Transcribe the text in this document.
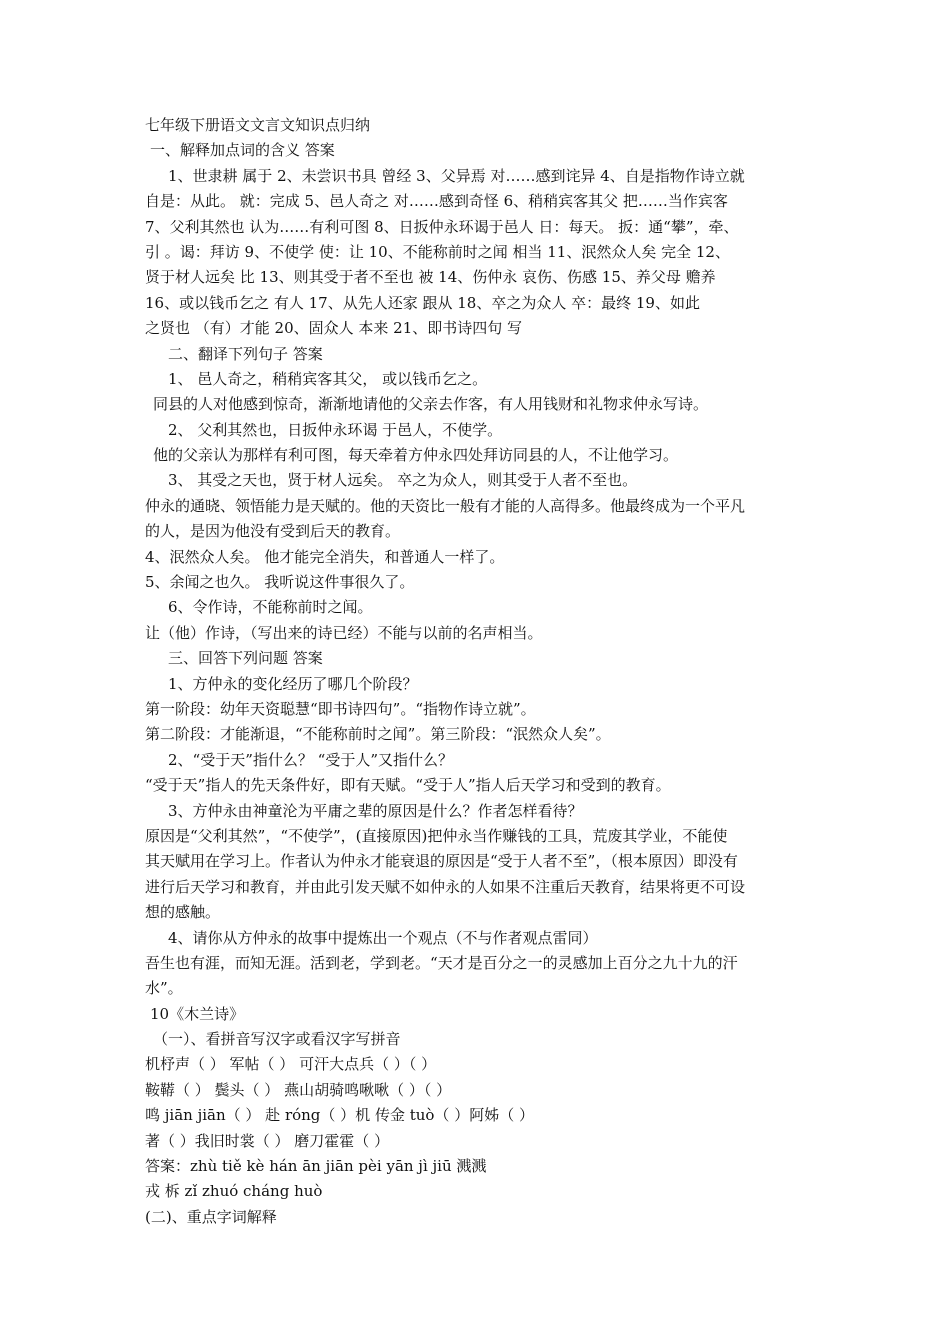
七年级下册语文文言文知识点归纳
一、解释加点词的含义 答案
1、世隶耕 属于 2、未尝识书具 曾经 3、父异焉 对……感到诧异 4、自是指物作诗立就
自是：从此。 就：完成 5、邑人奇之 对……感到奇怪 6、稍稍宾客其父 把……当作宾客
7、父利其然也 认为……有利可图 8、日扳仲永环谒于邑人 日：每天。 扳：通“攀”，牵、
引 。谒：拜访 9、不使学 使：让 10、不能称前时之闻 相当 11、泯然众人矣 完全 12、
贤于材人远矣 比 13、则其受于者不至也 被 14、伤仲永 哀伤、伤感 15、养父母 赡养
16、或以钱币乞之 有人 17、从先人还家 跟从 18、卒之为众人 卒：最终 19、如此
之贤也 （有）才能 20、固众人 本来 21、即书诗四句 写
二、翻译下列句子 答案
1、 邑人奇之，稍稍宾客其父， 或以钱币乞之。
同县的人对他感到惊奇，渐渐地请他的父亲去作客，有人用钱财和礼物求仲永写诗。
2、 父利其然也，日扳仲永环谒 于邑人，不使学。
他的父亲认为那样有利可图，每天牵着方仲永四处拜访同县的人，不让他学习。
3、 其受之天也，贤于材人远矣。 卒之为众人，则其受于人者不至也。
仲永的通晓、领悟能力是天赋的。他的天资比一般有才能的人高得多。他最终成为一个平凡
的人，是因为他没有受到后天的教育。
4、泯然众人矣。 他才能完全消失，和普通人一样了。
5、余闻之也久。 我听说这件事很久了。
6、令作诗，不能称前时之闻。
让（他）作诗，（写出来的诗已经）不能与以前的名声相当。
三、回答下列问题 答案
1、方仲永的变化经历了哪几个阶段？
第一阶段：幼年天资聪慧“即书诗四句”。“指物作诗立就”。
第二阶段：才能渐退，“不能称前时之闻”。第三阶段：“泯然众人矣”。
2、“受于天”指什么？ “受于人”又指什么？
“受于天”指人的先天条件好，即有天赋。“受于人”指人后天学习和受到的教育。
3、方仲永由神童沦为平庸之辈的原因是什么？作者怎样看待？
原因是“父利其然”，“不使学”，(直接原因)把仲永当作赚钱的工具，荒废其学业，不能使
其天赋用在学习上。作者认为仲永才能衰退的原因是“受于人者不至”，（根本原因）即没有
进行后天学习和教育，并由此引发天赋不如仲永的人如果不注重后天教育，结果将更不可设
想的感触。
4、请你从方仲永的故事中提炼出一个观点（不与作者观点雷同）
吾生也有涯，而知无涯。活到老，学到老。“天才是百分之一的灵感加上百分之九十九的汗
水”。
10《木兰诗》
（一）、看拼音写汉字或看汉字写拼音
机杼声（ ） 军帖（ ） 可汗大点兵（ ）（ ）
鞍鞯（ ） 鬓头（ ） 燕山胡骑鸣啾啾（ ）（ ）
鸣 jiān jiān（ ） 赴 róng（ ）机 传金 tuò（ ）阿姊（ ）
著（ ）我旧时裳（ ） 磨刀霍霍（ ）
答案：zhù tiě kè hán ān jiān pèi yān jì jiū 溅溅
戎 柝 zǐ zhuó cháng huò
(二)、重点字词解释
